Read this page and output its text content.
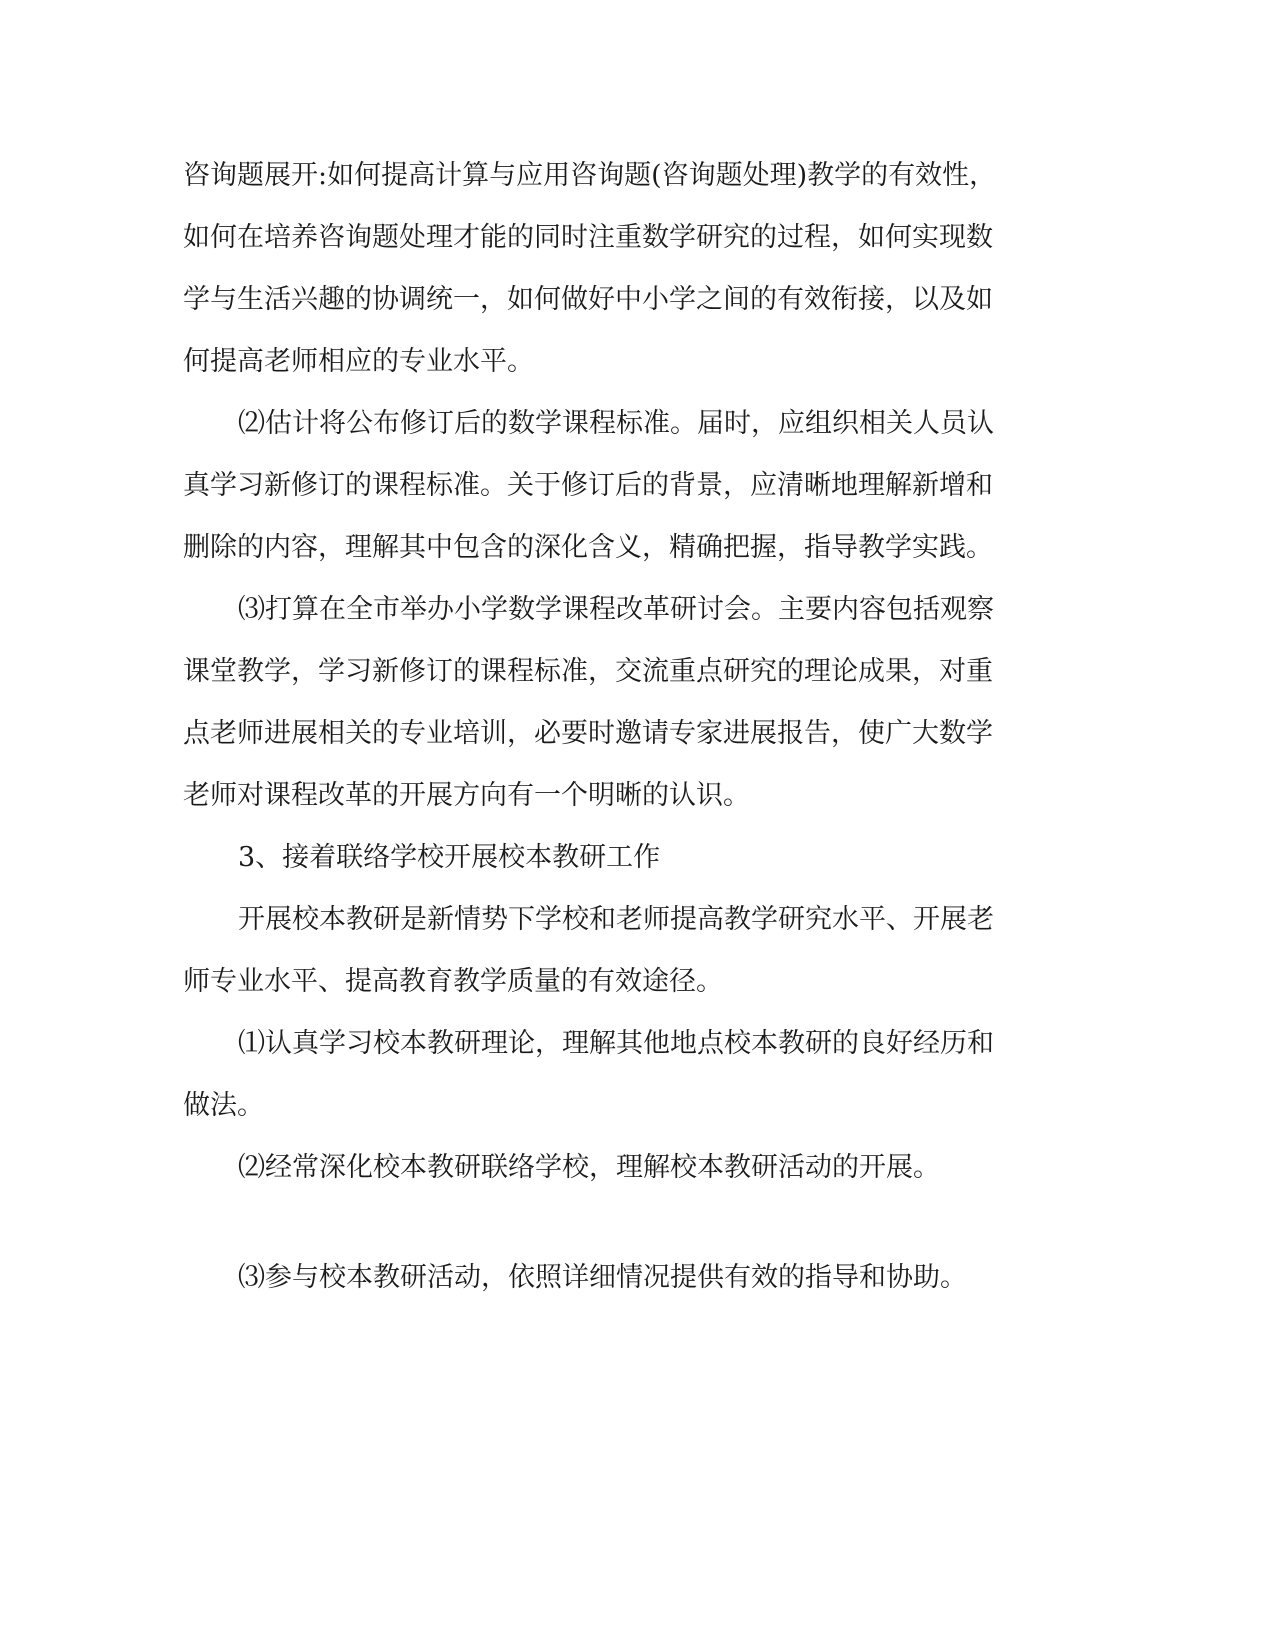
咨询题展开:如何提高计算与应用咨询题(咨询题处理)教学的有效性，
如何在培养咨询题处理才能的同时注重数学研究的过程，如何实现数
学与生活兴趣的协调统一，如何做好中小学之间的有效衔接，以及如
何提高老师相应的专业水平。
⑵估计将公布修订后的数学课程标准。届时，应组织相关人员认
真学习新修订的课程标准。关于修订后的背景，应清晰地理解新增和
删除的内容，理解其中包含的深化含义，精确把握，指导教学实践。
⑶打算在全市举办小学数学课程改革研讨会。主要内容包括观察
课堂教学，学习新修订的课程标准，交流重点研究的理论成果，对重
点老师进展相关的专业培训，必要时邀请专家进展报告，使广大数学
老师对课程改革的开展方向有一个明晰的认识。
3、接着联络学校开展校本教研工作
开展校本教研是新情势下学校和老师提高教学研究水平、开展老
师专业水平、提高教育教学质量的有效途径。
⑴认真学习校本教研理论，理解其他地点校本教研的良好经历和
做法。
⑵经常深化校本教研联络学校，理解校本教研活动的开展。
⑶参与校本教研活动，依照详细情况提供有效的指导和协助。
